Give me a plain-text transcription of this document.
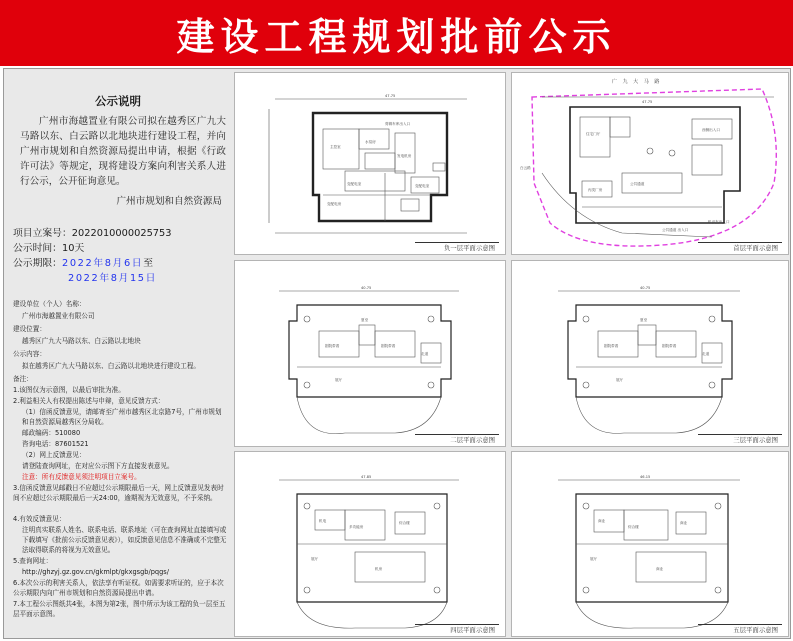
建设工程规划批前公示
公示说明

广州市海越置业有限公司拟在越秀区广九大马路以东、白云路以北地块进行建设工程，并向广州市规划和自然资源局提出申请，根据《行政许可法》等规定，现将建设方案向利害关系人进行公示，公开征询意见。

广州市规划和自然资源局
项目立案号：2022010000025753
公示时间：10天
公示期限：2022年8月6日至
2022年8月15日
建设单位（个人）名称：
广州市海越置业有限公司
建设位置：
越秀区广九大马路以东、白云路以北地块
公示内容：
拟在越秀区广九大马路以东、白云路以北地块进行建设工程。
备注：
1.该图仅为示意图，以最后审批为准。
2.利益相关人有权提出陈述与申辩，意见反馈方式：
（1）信函反馈意见，请邮寄至广州市越秀区北京路7号，广州市规划和自然资源局越秀区分局收。
邮政编码：510080
咨询电话：87601521
（2）网上反馈意见：
请登陆查询网址，在对应公示图下方直接发表意见。
注意：所有反馈意见须注明项目立案号。
3.信函反馈意见邮戳日不应超过公示期限最后一天，网上反馈意见发表时间不应超过公示期限最后一天24:00，逾期视为无效意见，不予采纳。
4.有效反馈意见：
注明真实联系人姓名、联系电话、联系地址（可在查询网址直接填写或下载填写《批前公示反馈意见表》），如反馈意见信息不准确或不完整无法取得联系的将视为无效意见。
5.查询网址：
http://ghzyj.gz.gov.cn/gkmlpt/gkxgsgb/pqgs/
6.本次公示的利害关系人，依法享有听证权。如需要求听证的，应于本次公示期限内向广州市规划和自然资源局提出申请。
7.本工程公示图纸共4张，本图为第2张，图中所示为该工程的负一层至五层平面示意图。
47.75
剪辑车库出入口
主控室
水泵房
发电机房
变配电室	变配电室
变配电房
负一层平面示意图
47.75
西侧出入口
住宅门厅
公共通道
丙类厂房
公共通道 出入口
机动车出入口
白云路
广 九 大 马 路
首层平面示意图
40.75
剧院带看	剧院带看
夏至
走道
展厅
二层平面示意图
40.75
剧院带看	剧院带看
夏至
走道
展厅
三层平面示意图
47.85
机电
多功能房
综合楼
机房
展厅
四层平面示意图
46.15
商业
综合楼
商业
商业
展厅
五层平面示意图
